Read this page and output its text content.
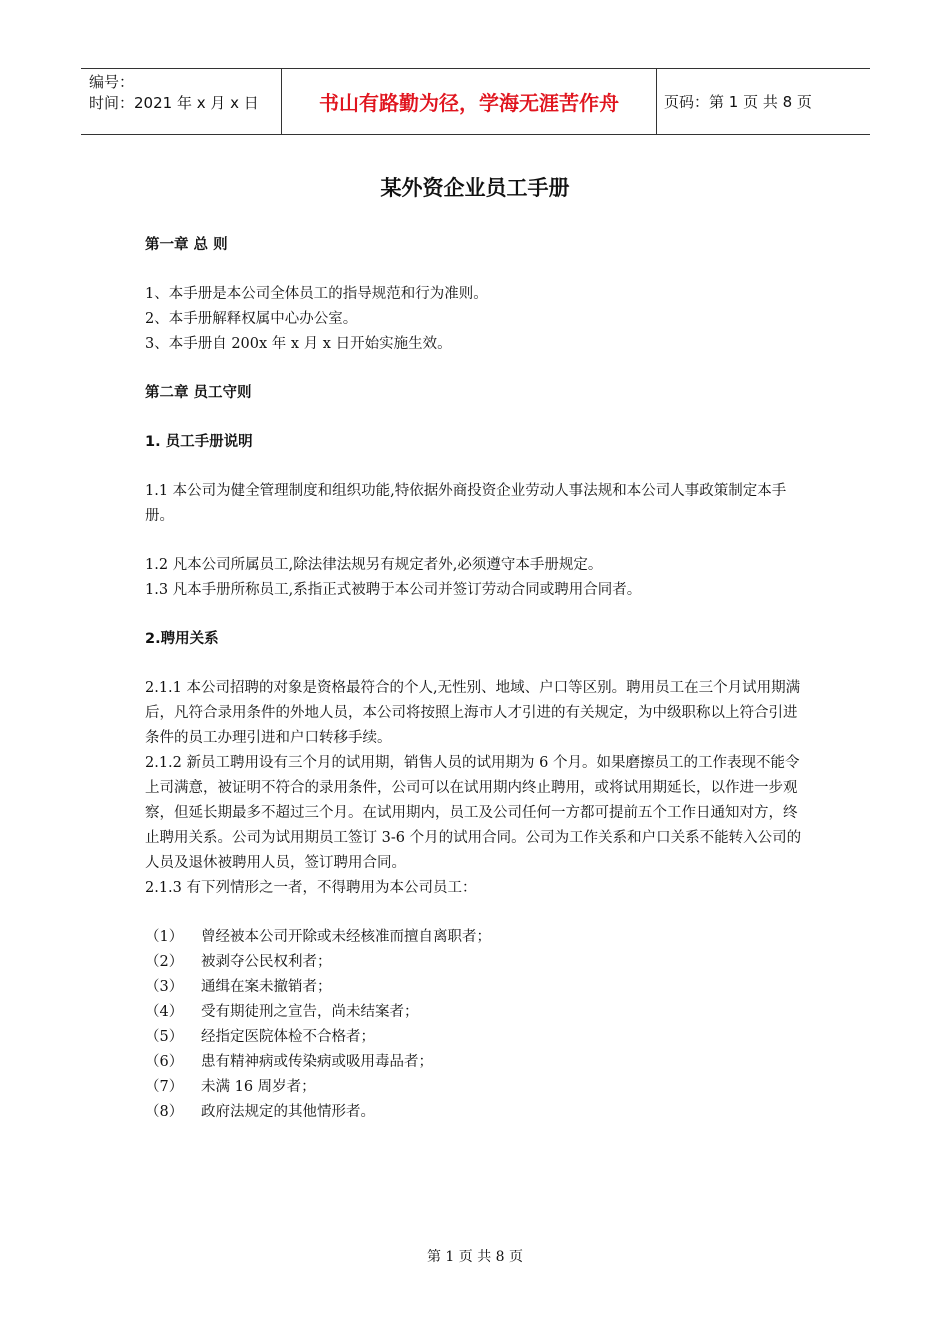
编号：
时间：2021 年 x 月 x 日	书山有路勤为径，学海无涯苦作舟	页码：第 1 页 共 8 页
某外资企业员工手册

第一章 总 则

1、本手册是本公司全体员工的指导规范和行为准则。

2、本手册解释权属中心办公室。

3、本手册自 200x 年 x 月 x 日开始实施生效。

第二章 员工守则

1. 员工手册说明

1.1 本公司为健全管理制度和组织功能,特依据外商投资企业劳动人事法规和本公司人事政策制定本手册。

1.2 凡本公司所属员工,除法律法规另有规定者外,必须遵守本手册规定。

1.3 凡本手册所称员工,系指正式被聘于本公司并签订劳动合同或聘用合同者。

2.聘用关系

2.1.1 本公司招聘的对象是资格最符合的个人,无性别、地域、户口等区别。聘用员工在三个月试用期满后，凡符合录用条件的外地人员，本公司将按照上海市人才引进的有关规定，为中级职称以上符合引进条件的员工办理引进和户口转移手续。

2.1.2 新员工聘用设有三个月的试用期，销售人员的试用期为 6 个月。如果磨擦员工的工作表现不能令上司满意，被证明不符合的录用条件，公司可以在试用期内终止聘用，或将试用期延长，以作进一步观察，但延长期最多不超过三个月。在试用期内，员工及公司任何一方都可提前五个工作日通知对方，终止聘用关系。公司为试用期员工签订 3-6 个月的试用合同。公司为工作关系和户口关系不能转入公司的人员及退休被聘用人员，签订聘用合同。

2.1.3 有下列情形之一者，不得聘用为本公司员工：

（1）	曾经被本公司开除或未经核准而擅自离职者；
（2）	被剥夺公民权利者；
（3）	通缉在案未撤销者；
（4）	受有期徒刑之宣告，尚未结案者；
（5）	经指定医院体检不合格者；
（6）	患有精神病或传染病或吸用毒品者；
（7）	未满 16 周岁者；
（8）	政府法规定的其他情形者。
第 1 页 共 8 页
